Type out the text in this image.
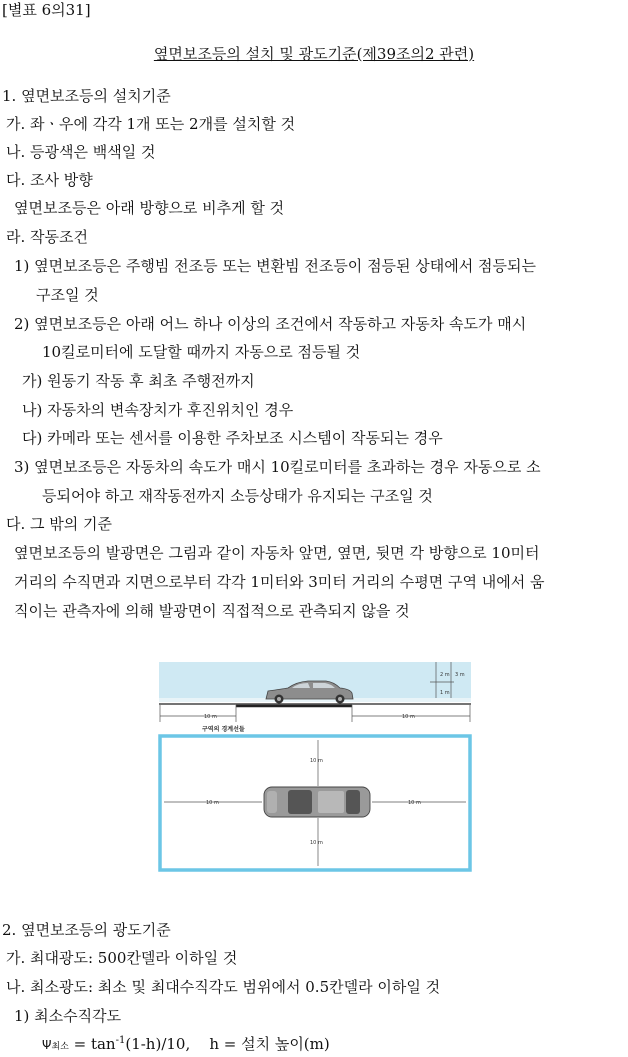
[별표 6의31]
옆면보조등의 설치 및 광도기준(제39조의2 관련)
1. 옆면보조등의 설치기준
가. 좌ㆍ우에 각각 1개 또는 2개를 설치할 것
나. 등광색은 백색일 것
다. 조사 방향
옆면보조등은 아래 방향으로 비추게 할 것
라. 작동조건
1) 옆면보조등은 주행빔 전조등 또는 변환빔 전조등이 점등된 상태에서 점등되는
구조일 것
2) 옆면보조등은 아래 어느 하나 이상의 조건에서 작동하고 자동차 속도가 매시
10킬로미터에 도달할 때까지 자동으로 점등될 것
가) 원동기 작동 후 최초 주행전까지
나) 자동차의 변속장치가 후진위치인 경우
다) 카메라 또는 센서를 이용한 주차보조 시스템이 작동되는 경우
3) 옆면보조등은 자동차의 속도가 매시 10킬로미터를 초과하는 경우 자동으로 소
등되어야 하고 재작동전까지 소등상태가 유지되는 구조일 것
다. 그 밖의 기준
옆면보조등의 발광면은 그림과 같이 자동차 앞면, 옆면, 뒷면 각 방향으로 10미터
거리의 수직면과 지면으로부터 각각 1미터와 3미터 거리의 수평면 구역 내에서 움
직이는 관측자에 의해 발광면이 직접적으로 관측되지 않을 것
2 m 3 m
1 m
10 m	10 m
구역의 경계선들
10 m
10 m
10 m	10 m
2. 옆면보조등의 광도기준
가. 최대광도: 500칸델라 이하일 것
나. 최소광도: 최소 및 최대수직각도 범위에서 0.5칸델라 이하일 것
1) 최소수직각도
Ψ최소 = $\tan^{-1}(1-h)/10$, h = 설치 높이(m)
